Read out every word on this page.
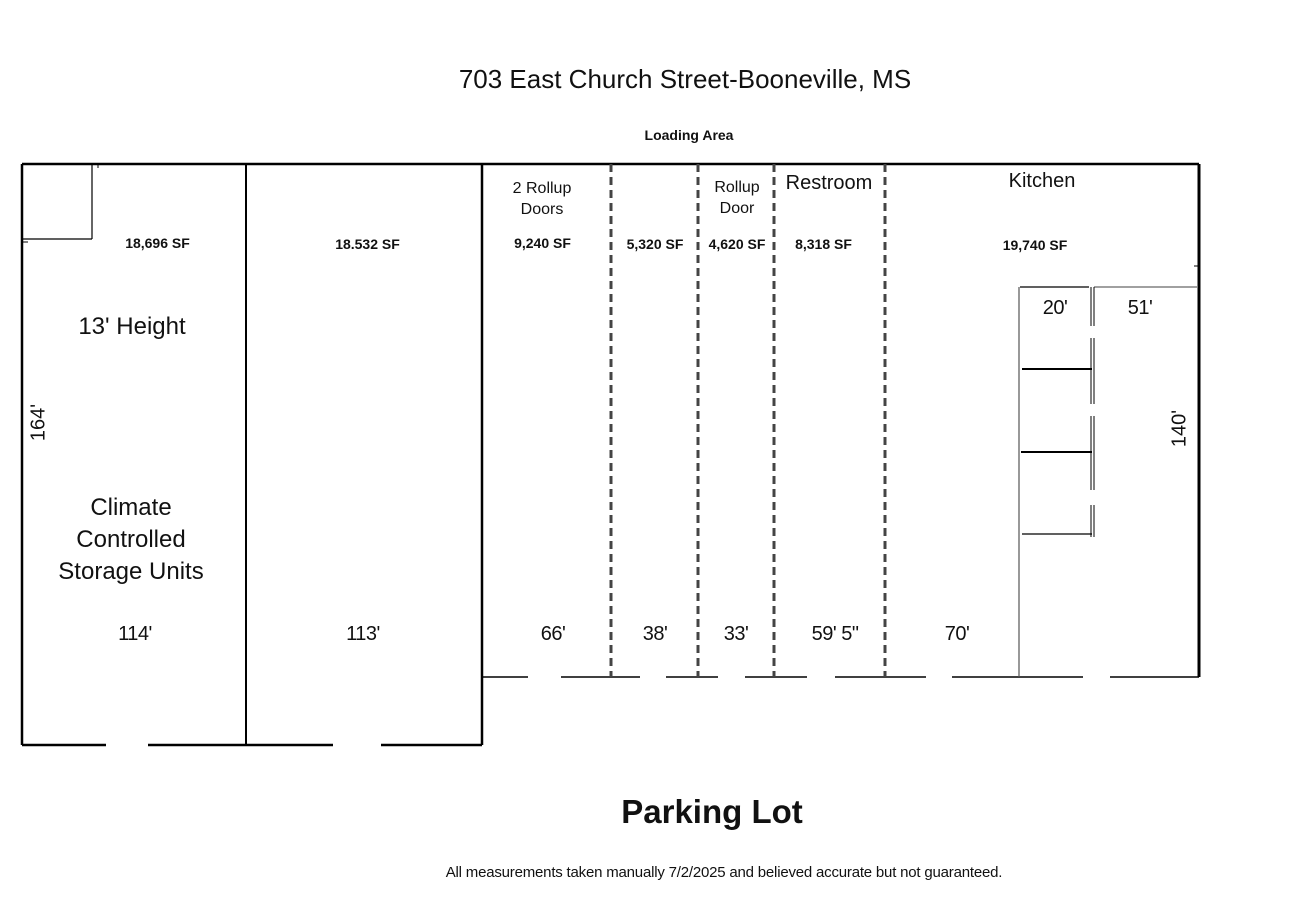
703 East Church Street-Booneville, MS
Loading Area
18,696 SF
13' Height
Climate Controlled Storage Units
164'
114'
18.532 SF
113'
2 Rollup Doors
9,240 SF
66'
5,320 SF
38'
Rollup Door
4,620 SF
33'
Restroom
8,318 SF
59' 5"
Kitchen
19,740 SF
20'	51'
140'
70'
Parking Lot
All measurements taken manually 7/2/2025 and believed accurate but not guaranteed.
